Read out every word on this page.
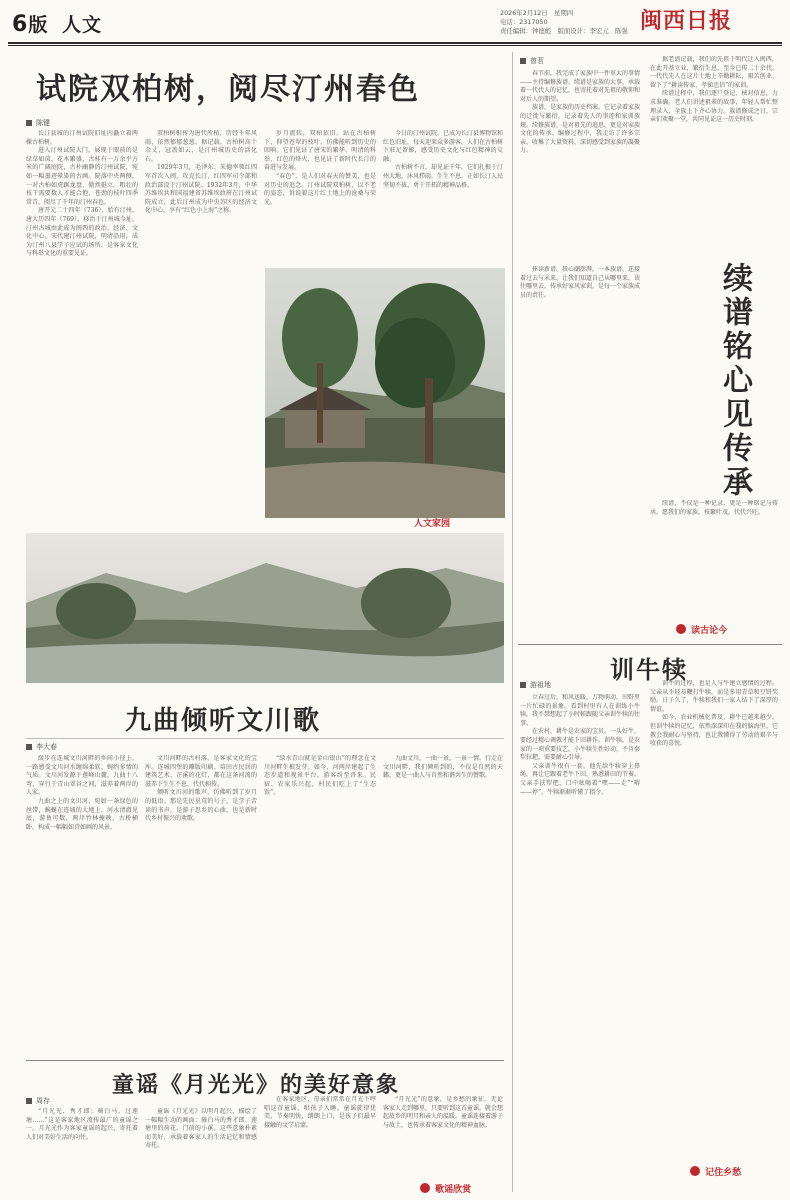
6版 人文
2026年2月12日　星期四
电话：2317050
责任编辑：钟德彪　版面设计：李宏元　陈强 闽西日报
试院双柏树，阅尽汀州春色
陈键

长汀县城的汀州试院旧址内矗立着两棵古柏树。

进入汀州试院大门，展现于眼前的是绿草如茵、花木繁盛，古桂有一万余平方米的广阔庭院，古朴幽静的汀州试院，宛如一幅墨迹晕染的古画。院落中央两侧，一对古柏如虎踞龙盘，傲然挺立。粗壮的枝干需要数人才能合抱，苍劲的枝叶四季常青，阅尽了千年的汀州春色。

唐开元二十四年（736），始有汀州。唐大历四年（769），移治于汀州城今址，汀州古城由此成为闽西的政治、经济、文化中心。宋代建汀州试院，明清沿用，成为汀州八县学子应试的场所，是客家文化与科举文化的重要见证。

双柏树相传为唐代所植，历经千年风雨，依然郁郁葱葱。据记载，古柏树高十余丈，冠盖如云，是汀州城历史的活化石。

1929年3月，毛泽东、朱德率领红四军首次入闽，攻克长汀，红四军司令部和政治部设于汀州试院。1932年3月，中华苏维埃共和国福建省苏维埃政府在汀州试院成立，此后汀州成为中央苏区的经济文化中心，享有“红色小上海”之称。

岁月流转，双柏依旧。站在古柏树下，仰望苍翠的枝叶，仿佛能听到历史的回响。它们见证了唐宋的繁华、明清的科举、红色的烽火，也见证了新时代长汀的奋进与发展。

“春色”，是人们对春天的赞美，也是对历史的追念。汀州试院双柏树，以不老的姿态，诉说着这片红土地上的沧桑与荣光。

今日的汀州试院，已成为长汀县博物馆和红色旧址，每天迎来众多游客。人们在古柏树下驻足留影，感受历史文化与红色精神的交融。

古柏树不言，却见证千年。它们扎根于汀州大地，沐风栉雨，生生不息，正如长汀人民坚韧不拔、勇于开拓的精神品格。

人文家园
九曲倾听文川歌
李大春

缓步在连城文川河畔的乡间小径上，一路感受文川河水缠绵柔软、婉约多情的气质。文川河发源于莲峰山麓，九曲十八弯，穿行于青山翠谷之间，滋养着两岸的人家。

九曲之上的文川河，宛如一条绿色的丝带，蜿蜒在连城的大地上。河水清澈见底，游鱼可数，两岸竹林掩映，古桥横卧，构成一幅幅如诗如画的风景。

文川河畔的古村落，是客家文化的宝库。连城四堡的雕版印刷、培田古民居的建筑艺术、芷溪的花灯，都在这条河流的滋养下生生不息，代代相传。

倾听文川河的歌声，仿佛听到了岁月的低语。那是先民垦荒的号子，是学子苦读的书声，是游子思乡的心曲，也是新时代乡村振兴的欢歌。

“绿水青山就是金山银山”的理念在文川河畔生根发芽。如今，河两岸建起了生态步道和观景平台，游客纷至沓来。民宿、农家乐兴起，村民们吃上了“生态饭”。

九曲文川，一曲一景，一景一情。行走在文川河畔，我们倾听到的，不仅是自然的天籁，更是一曲人与自然和谐共生的赞歌。

童谣《月光光》的美好意象
周存

“月光光，秀才郎；骑白马，过莲塘……”这是客家地区流传最广的童谣之一。月光光作为客家童谣的起兴，寄托着人们对美好生活的向往。

童谣《月光光》以明月起兴，描绘了一幅幅生动的画面：骑白马的秀才郎、莲塘里的荷花、门前的小溪。这些意象朴素而美好，承载着客家人的生活记忆和情感寄托。

在客家地区，母亲们常常在月光下哼唱这首童谣，哄孩子入睡。童谣旋律优美，节奏明快，朗朗上口，是孩子们最早接触的文学启蒙。

“月光光”的意象，是乡愁的象征。无论客家人走到哪里，只要听到这首童谣，就会想起故乡的明月和亲人的温暖。童谣连接着游子与故土，也传承着客家文化的精神血脉。

歌谣欣赏
曾茗

春节前，我完成了家族中一件重大的事情——主持编修族谱。续谱是家族的大事，承载着一代代人的记忆，也寄托着对先祖的敬仰和对后人的期望。

族谱，是家族的历史档案。它记录着家族的迁徙与繁衍，记录着先人的事迹和家训族规。续修族谱，是对祖先的追思，更是对家族文化的传承。编修过程中，我走访了许多宗亲，收集了大量资料，深切感受到家族的凝聚力。

据老谱记载，我们的先祖于明代迁入闽西，在此开基立业，繁衍生息，至今已传二十余代。一代代先人在这片土地上辛勤耕耘，艰苦创业，留下了“耕读传家、孝悌忠信”的家训。

续谱过程中，我们逐户登记、核对信息，力求准确。老人们讲述祖辈的故事，年轻人帮忙整理录入，全族上下齐心协力。族谱修成之日，宗亲们欢聚一堂，共同见证这一历史时刻。

捧读新谱，我心潮澎湃。一本族谱，连接着过去与未来，让我们知道自己从哪里来，该往哪里去。传承好家风家训，是每一个家族成员的责任。	续谱铭心见传承

续谱，不仅是一种记录，更是一种铭记与传承。愿我们的家族，枝繁叶茂，代代兴旺。

读古论今
训牛犊
游祖地

立春过后，和风送暖，万物萌动，田野里一片忙碌的景象。看到村里有人在训练小牛犊，我不禁想起了小时候跟随父亲训牛犊的往事。

在农村，耕牛是农家的宝贝。一头好牛，要经过精心调教才能下田耕作。训牛犊，是农家的一项重要技艺。小牛犊生性好动，不肯套犁拉耙，需要耐心引导。

父亲训牛很有一套。他先给牛犊穿上鼻绳，再让它跟着老牛下田，熟悉耕田的节奏。父亲手扶犁把，口中吆喝着“嘿——走”“嘚——停”，牛犊渐渐听懂了指令。

训牛的过程，也是人与牛建立感情的过程。父亲从不轻易鞭打牛犊，而是多用青草和豆饼奖励。日子久了，牛犊和我们一家人结下了深厚的情谊。

如今，农业机械化普及，耕牛已越来越少。但训牛犊的记忆，依然深深印在我的脑海里。它教会我耐心与坚持，也让我懂得了劳动的艰辛与收获的喜悦。

记住乡愁
